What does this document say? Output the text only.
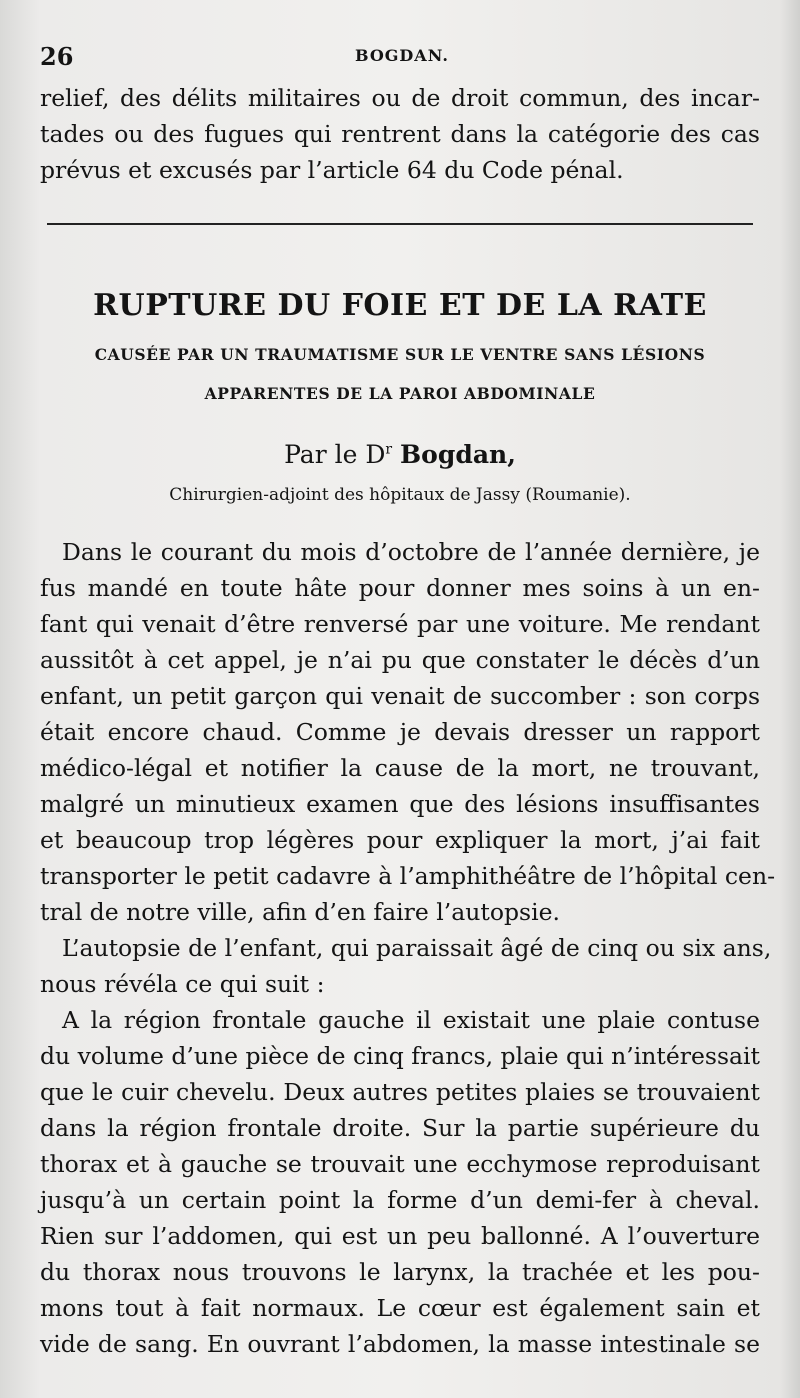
26	BOGDAN.
relief, des délits militaires ou de droit commun, des incar-
tades ou des fugues qui rentrent dans la catégorie des cas
prévus et excusés par l’article 64 du Code pénal.
RUPTURE DU FOIE ET DE LA RATE
CAUSÉE PAR UN TRAUMATISME SUR LE VENTRE SANS LÉSIONS
APPARENTES DE LA PAROI ABDOMINALE
Par le $D^r$ Bogdan,
Chirurgien-adjoint des hôpitaux de Jassy (Roumanie).
Dans le courant du mois d’octobre de l’année dernière, je
fus mandé en toute hâte pour donner mes soins à un en-
fant qui venait d’être renversé par une voiture. Me rendant
aussitôt à cet appel, je n’ai pu que constater le décès d’un
enfant, un petit garçon qui venait de succomber : son corps
était encore chaud. Comme je devais dresser un rapport
médico-légal et notifier la cause de la mort, ne trouvant,
malgré un minutieux examen que des lésions insuffisantes
et beaucoup trop légères pour expliquer la mort, j’ai fait
transporter le petit cadavre à l’amphithéâtre de l’hôpital cen-
tral de notre ville, afin d’en faire l’autopsie.
L’autopsie de l’enfant, qui paraissait âgé de cinq ou six ans,
nous révéla ce qui suit :
A la région frontale gauche il existait une plaie contuse
du volume d’une pièce de cinq francs, plaie qui n’intéressait
que le cuir chevelu. Deux autres petites plaies se trouvaient
dans la région frontale droite. Sur la partie supérieure du
thorax et à gauche se trouvait une ecchymose reproduisant
jusqu’à un certain point la forme d’un demi-fer à cheval.
Rien sur l’addomen, qui est un peu ballonné. A l’ouverture
du thorax nous trouvons le larynx, la trachée et les pou-
mons tout à fait normaux. Le cœur est également sain et
vide de sang. En ouvrant l’abdomen, la masse intestinale se
